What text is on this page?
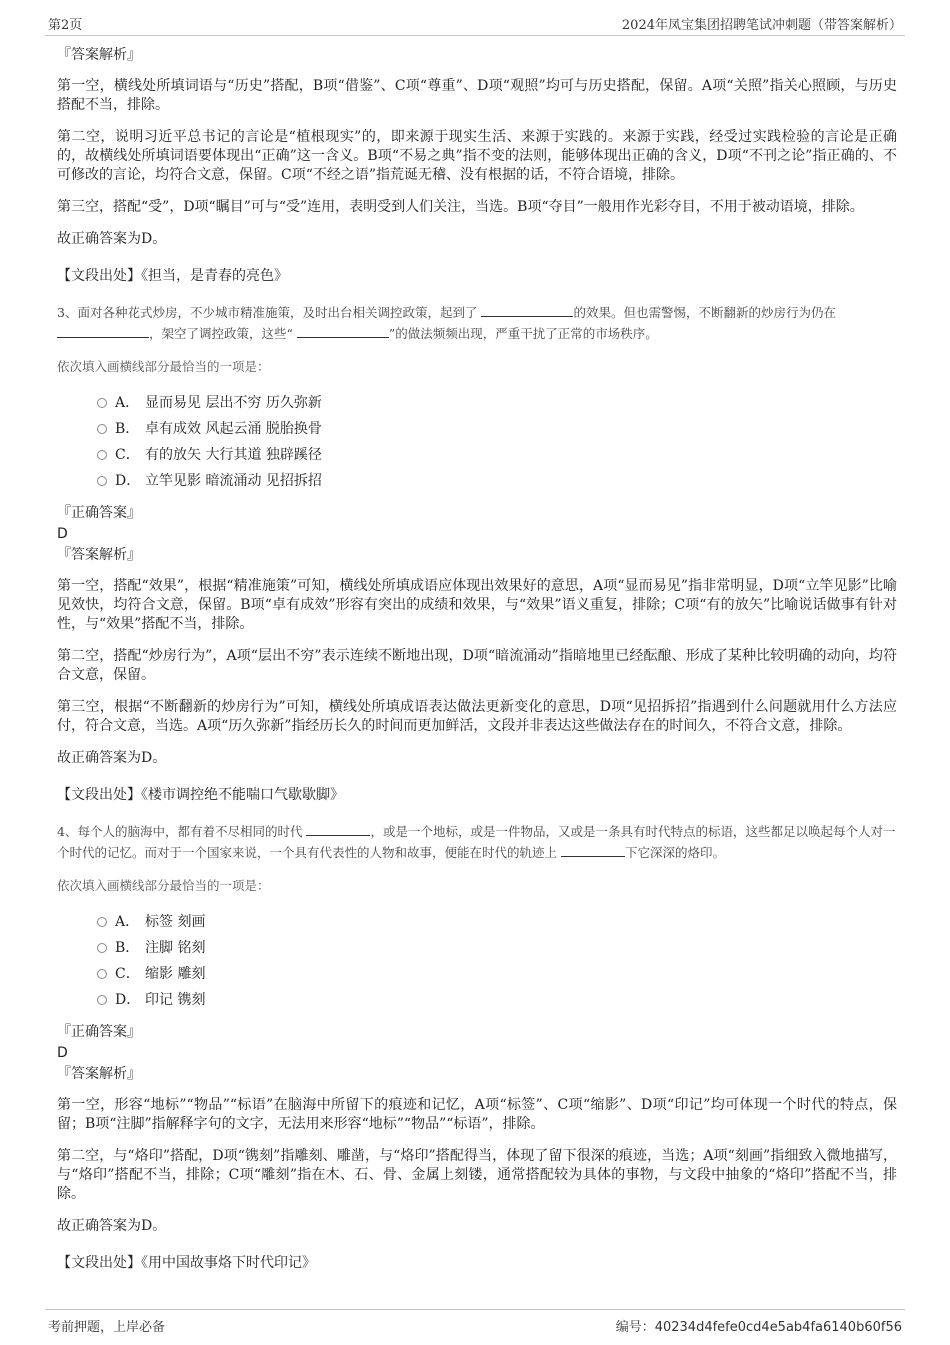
第2页	2024年凤宝集团招聘笔试冲刺题（带答案解析）
『答案解析』

第一空，横线处所填词语与“历史”搭配，B项“借鉴”、C项“尊重”、D项“观照”均可与历史搭配，保留。A项“关照”指关心照顾，与历史搭配不当，排除。

第二空，说明习近平总书记的言论是“植根现实”的，即来源于现实生活、来源于实践的。来源于实践，经受过实践检验的言论是正确的，故横线处所填词语要体现出“正确”这一含义。B项“不易之典”指不变的法则，能够体现出正确的含义，D项“不刊之论”指正确的、不可修改的言论，均符合文意，保留。C项“不经之语”指荒诞无稽、没有根据的话，不符合语境，排除。

第三空，搭配“受”，D项“瞩目”可与“受”连用，表明受到人们关注，当选。B项“夺目”一般用作光彩夺目，不用于被动语境，排除。

故正确答案为D。

【文段出处】《担当，是青春的亮色》

3、面对各种花式炒房，不少城市精准施策，及时出台相关调控政策，起到了	的效果。但也需警惕，不断翻新的炒房行为仍在
，架空了调控政策，这些“	”的做法频频出现，严重干扰了正常的市场秩序。

依次填入画横线部分最恰当的一项是：

A． 显而易见 层出不穷 历久弥新
B． 卓有成效 风起云涌 脱胎换骨
C． 有的放矢 大行其道 独辟蹊径
D． 立竿见影 暗流涌动 见招拆招
『正确答案』
D
『答案解析』

第一空，搭配“效果”，根据“精准施策”可知，横线处所填成语应体现出效果好的意思，A项“显而易见”指非常明显，D项“立竿见影”比喻见效快，均符合文意，保留。B项“卓有成效”形容有突出的成绩和效果，与“效果”语义重复，排除；C项“有的放矢”比喻说话做事有针对性，与“效果”搭配不当，排除。

第二空，搭配“炒房行为”，A项“层出不穷”表示连续不断地出现，D项“暗流涌动”指暗地里已经酝酿、形成了某种比较明确的动向，均符合文意，保留。

第三空，根据“不断翻新的炒房行为”可知，横线处所填成语表达做法更新变化的意思，D项“见招拆招”指遇到什么问题就用什么方法应付，符合文意，当选。A项“历久弥新”指经历长久的时间而更加鲜活，文段并非表达这些做法存在的时间久，不符合文意，排除。

故正确答案为D。

【文段出处】《楼市调控绝不能喘口气歇歇脚》

4、每个人的脑海中，都有着不尽相同的时代	，或是一个地标，或是一件物品，又或是一条具有时代特点的标语，这些都足以唤起每个人对一个时代的记忆。而对于一个国家来说，一个具有代表性的人物和故事，便能在时代的轨迹上	下它深深的烙印。

依次填入画横线部分最恰当的一项是：

A． 标签 刻画
B． 注脚 铭刻
C． 缩影 雕刻
D． 印记 镌刻
『正确答案』
D
『答案解析』

第一空，形容“地标”“物品”“标语”在脑海中所留下的痕迹和记忆，A项“标签”、C项“缩影”、D项“印记”均可体现一个时代的特点，保留；B项“注脚”指解释字句的文字，无法用来形容“地标”“物品”“标语”，排除。

第二空，与“烙印”搭配，D项“镌刻”指雕刻、雕凿，与“烙印”搭配得当，体现了留下很深的痕迹，当选；A项“刻画”指细致入微地描写，与“烙印”搭配不当，排除；C项“雕刻”指在木、石、骨、金属上刻镂，通常搭配较为具体的事物，与文段中抽象的“烙印”搭配不当，排除。

故正确答案为D。

【文段出处】《用中国故事烙下时代印记》

考前押题，上岸必备	编号：40234d4fefe0cd4e5ab4fa6140b60f56
